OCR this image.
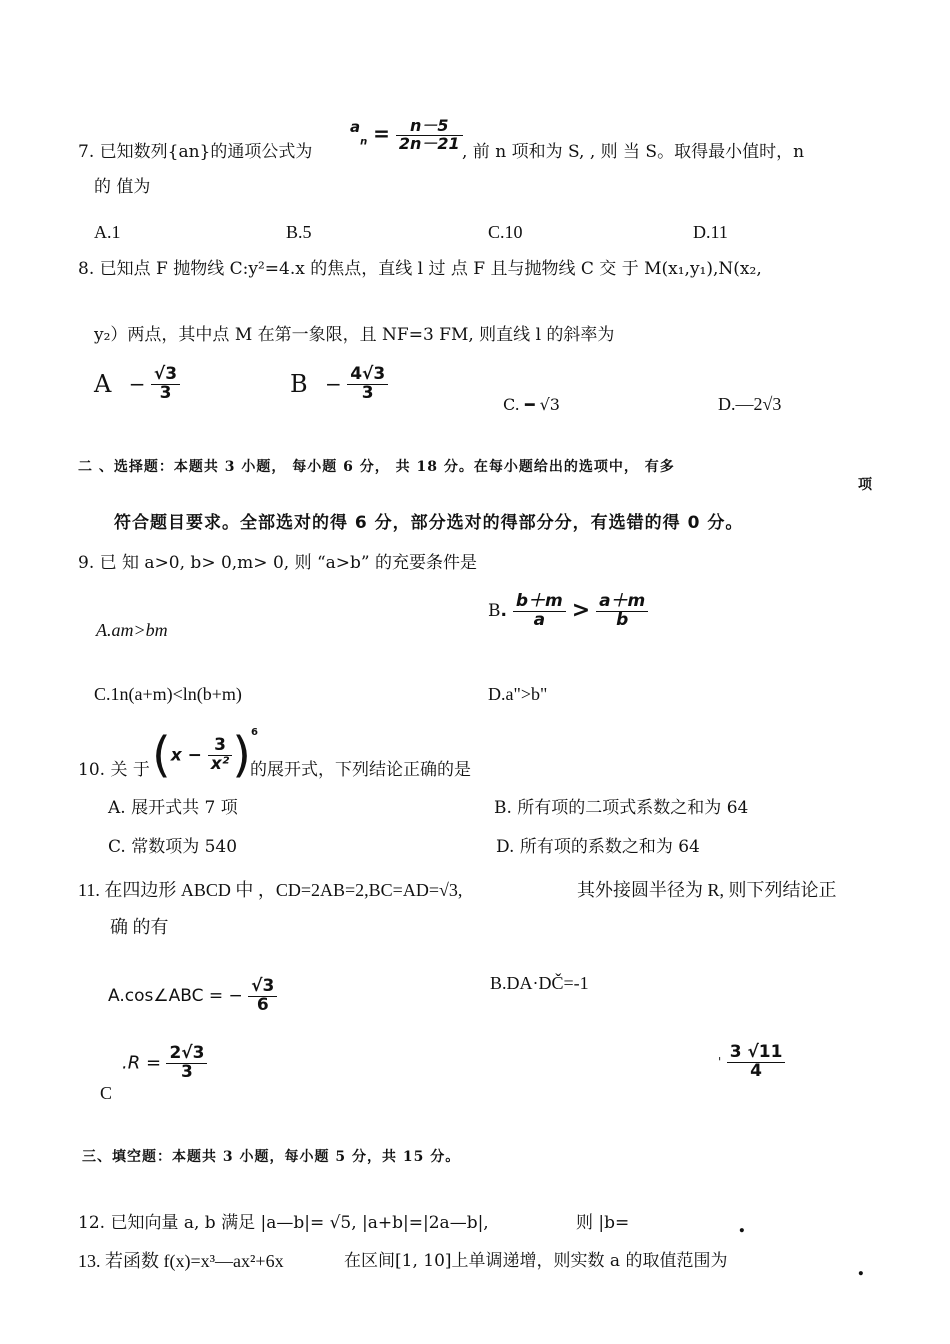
7. 已知数列{an}的通项公式为
$a_n = \frac{n-5}{2n-21}$ , 前 n 项和为 S, , 则 当 S。取得最小值时，n
的 值为
A.1	B.5	C.10	D.11
8. 已知点 F 抛物线 C:y²=4.x 的焦点，直线 l 过 点 F 且与抛物线 C 交 于 M(x₁,y₁),N(x₂,
y₂）两点，其中点 M 在第一象限，且 NF=3 FM, 则直线 l 的斜率为
$A - \frac{√3}{3}$	$B - \frac{4√3}{3}$
C. ━ √3	D.—2√3
二 、选择题：本题共 3 小题， 每小题 6 分， 共 18 分。在每小题给出的选项中， 有多
项
符合题目要求。全部选对的得 6 分，部分选对的得部分分，有选错的得 0 分。
9. 已 知 a>0, b> 0,m> 0, 则 “a>b” 的充要条件是
A.am>bm
B. $\frac{b+m}{a} > \frac{a+m}{b}$
C.1n(a+m)<ln(b+m)	D.a">b"
10. 关 于 $(x - \frac{3}{\text{x²}} )^6$
的展开式，下列结论正确的是
A. 展开式共 7 项	B. 所有项的二项式系数之和为 64
C. 常数项为 540	D. 所有项的系数之和为 64
11. 在四边形 ABCD 中 ，CD=2AB=2,BC=AD=√3,	其外接圆半径为 R, 则下列结论正
确 的有
A.cos∠ABC = − $\frac{√3}{6}$	B.DA·DČ=-1
C
$.R = \frac{2√3}{3}$	' $\frac{3 √11}{4}$
三、填空题：本题共 3 小题，每小题 5 分，共 15 分。
12. 已知向量 a, b 满足 |a—b|= √5, |a+b|=|2a—b|,	则 |b=	.
13. 若函数 f(x)=x³—ax²+6x	在区间[1, 10]上单调递增，则实数 a 的取值范围为	.
